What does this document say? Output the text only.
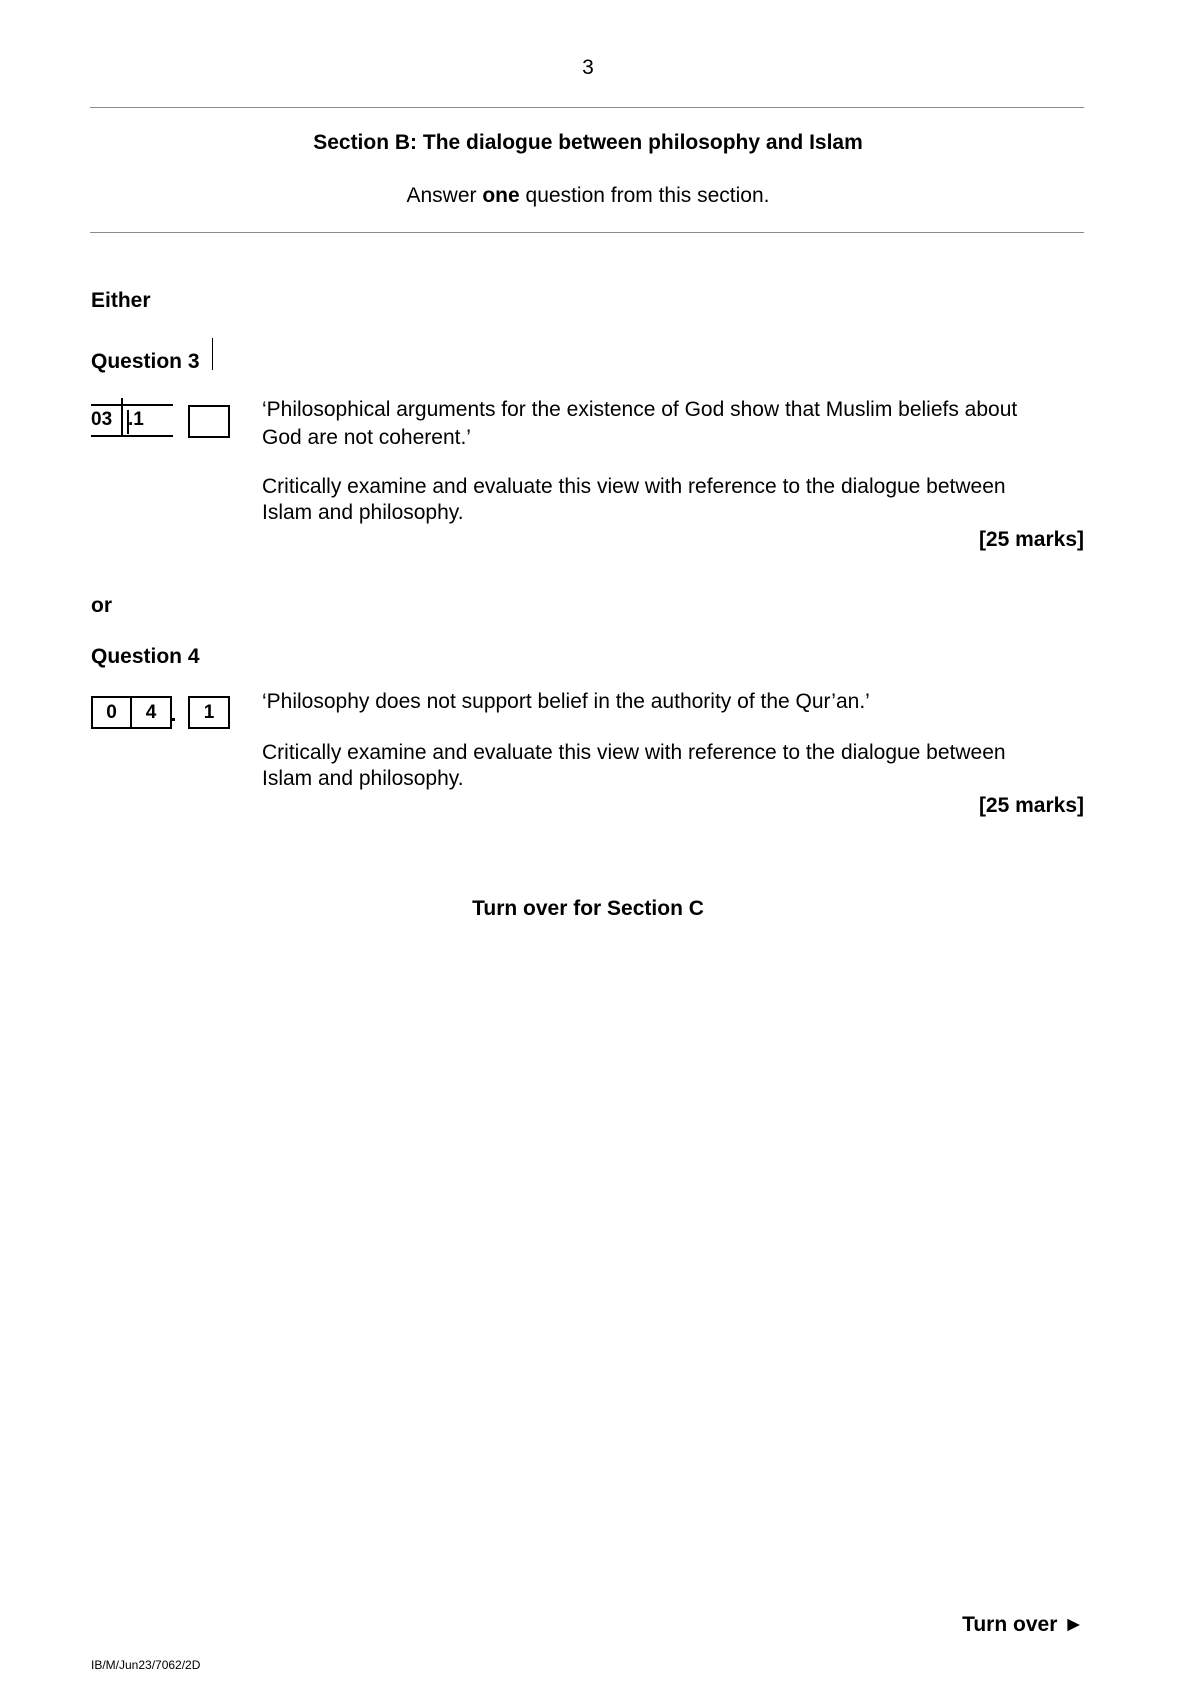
3
Section B: The dialogue between philosophy and Islam
Answer one question from this section.
Either
Question 3
03 .1	‘Philosophical arguments for the existence of God show that Muslim beliefs about
God are not coherent.’
Critically examine and evaluate this view with reference to the dialogue between
Islam and philosophy.
[25 marks]
or
Question 4
0	4	1	‘Philosophy does not support belief in the authority of the Qur’an.’
Critically examine and evaluate this view with reference to the dialogue between
Islam and philosophy.
[25 marks]
Turn over for Section C
Turn over ►
IB/M/Jun23/7062/2D
